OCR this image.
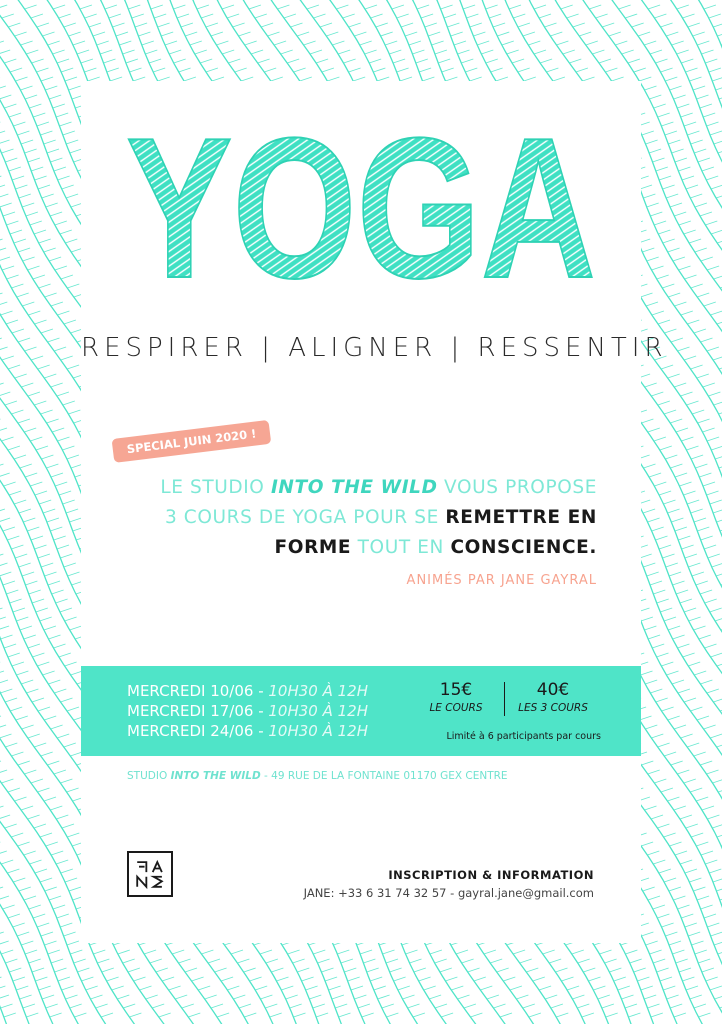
YOGA
RESPIRER | ALIGNER | RESSENTIR
SPECIAL JUIN 2020 !
LE STUDIO INTO THE WILD VOUS PROPOSE
3 COURS DE YOGA POUR SE REMETTRE EN
FORME TOUT EN CONSCIENCE.
ANIMÉS PAR JANE GAYRAL
MERCREDI 10/06 - 10H30 À 12H
MERCREDI 17/06 - 10H30 À 12H
MERCREDI 24/06 - 10H30 À 12H
15€
LE COURS
40€
LES 3 COURS
Limité à 6 participants par cours
STUDIO INTO THE WILD - 49 RUE DE LA FONTAINE 01170 GEX CENTRE
INSCRIPTION & INFORMATION
JANE: +33 6 31 74 32 57 - gayral.jane@gmail.com
